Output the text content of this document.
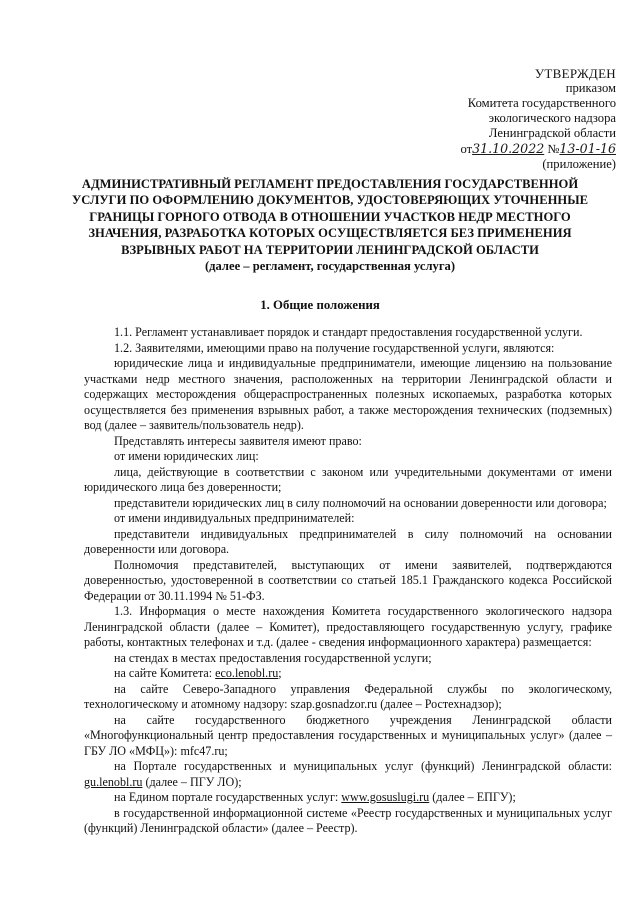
УТВЕРЖДЕН
приказом
Комитета государственного
экологического надзора
Ленинградской области
от31.10.2022 №13-01-16
(приложение)
АДМИНИСТРАТИВНЫЙ РЕГЛАМЕНТ ПРЕДОСТАВЛЕНИЯ ГОСУДАРСТВЕННОЙ УСЛУГИ ПО ОФОРМЛЕНИЮ ДОКУМЕНТОВ, УДОСТОВЕРЯЮЩИХ УТОЧНЕННЫЕ ГРАНИЦЫ ГОРНОГО ОТВОДА В ОТНОШЕНИИ УЧАСТКОВ НЕДР МЕСТНОГО ЗНАЧЕНИЯ, РАЗРАБОТКА КОТОРЫХ ОСУЩЕСТВЛЯЕТСЯ БЕЗ ПРИМЕНЕНИЯ ВЗРЫВНЫХ РАБОТ НА ТЕРРИТОРИИ ЛЕНИНГРАДСКОЙ ОБЛАСТИ
(далее – регламент, государственная услуга)
1. Общие положения

1.1. Регламент устанавливает порядок и стандарт предоставления государственной услуги.

1.2. Заявителями, имеющими право на получение государственной услуги, являются:

юридические лица и индивидуальные предприниматели, имеющие лицензию на пользование участками недр местного значения, расположенных на территории Ленинградской области и содержащих месторождения общераспространенных полезных ископаемых, разработка которых осуществляется без применения взрывных работ, а также месторождения технических (подземных) вод (далее – заявитель/пользователь недр).

Представлять интересы заявителя имеют право:

от имени юридических лиц:

лица, действующие в соответствии с законом или учредительными документами от имени юридического лица без доверенности;

представители юридических лиц в силу полномочий на основании доверенности или договора;

от имени индивидуальных предпринимателей:

представители индивидуальных предпринимателей в силу полномочий на основании доверенности или договора.

Полномочия представителей, выступающих от имени заявителей, подтверждаются доверенностью, удостоверенной в соответствии со статьей 185.1 Гражданского кодекса Российской Федерации от 30.11.1994 № 51-ФЗ.

1.3. Информация о месте нахождения Комитета государственного экологического надзора Ленинградской области (далее – Комитет), предоставляющего государственную услугу, графике работы, контактных телефонах и т.д. (далее - сведения информационного характера) размещается:

на стендах в местах предоставления государственной услуги;

на сайте Комитета: eco.lenobl.ru;

на сайте Северо-Западного управления Федеральной службы по экологическому, технологическому и атомному надзору: szap.gosnadzor.ru (далее – Ростехнадзор);

на сайте государственного бюджетного учреждения Ленинградской области «Многофункциональный центр предоставления государственных и муниципальных услуг» (далее – ГБУ ЛО «МФЦ»): mfc47.ru;

на Портале государственных и муниципальных услуг (функций) Ленинградской области: gu.lenobl.ru (далее – ПГУ ЛО);

на Едином портале государственных услуг: www.gosuslugi.ru (далее – ЕПГУ);

в государственной информационной системе «Реестр государственных и муниципальных услуг (функций) Ленинградской области» (далее – Реестр).
